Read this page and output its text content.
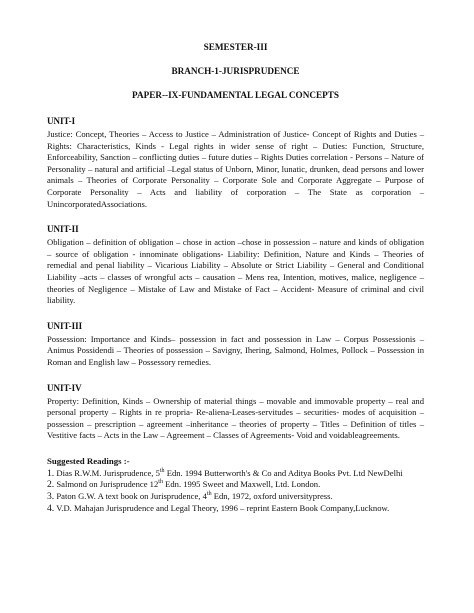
SEMESTER-III

BRANCH-1-JURISPRUDENCE

PAPER--IX-FUNDAMENTAL LEGAL CONCEPTS

UNIT-I

Justice: Concept, Theories – Access to Justice – Administration of Justice- Concept of Rights and Duties – Rights: Characteristics, Kinds - Legal rights in wider sense of right – Duties: Function, Structure, Enforceability, Sanction – conflicting duties – future duties – Rights Duties correlation - Persons – Nature of Personality – natural and artificial –Legal status of Unborn, Minor, lunatic, drunken, dead persons and lower animals – Theories of Corporate Personality – Corporate Sole and Corporate Aggregate – Purpose of Corporate Personality – Acts and liability of corporation – The State as corporation – UnincorporatedAssociations.

UNIT-II

Obligation – definition of obligation – chose in action –chose in possession – nature and kinds of obligation – source of obligation - innominate obligations- Liability: Definition, Nature and Kinds – Theories of remedial and penal liability – Vicarious Liability – Absolute or Strict Liability – General and Conditional Liability –acts – classes of wrongful acts – causation – Mens rea, Intention, motives, malice, negligence – theories of Negligence – Mistake of Law and Mistake of Fact – Accident- Measure of criminal and civil liability.

UNIT-III

Possession: Importance and Kinds– possession in fact and possession in Law – Corpus Possessionis – Animus Possidendi – Theories of possession – Savigny, Ihering, Salmond, Holmes, Pollock – Possession in Roman and English law – Possessory remedies.

UNIT-IV

Property: Definition, Kinds – Ownership of material things – movable and immovable property – real and personal property – Rights in re propria- Re-aliena-Leases-servitudes – securities- modes of acquisition – possession – prescription – agreement –inheritance – theories of property – Titles – Definition of titles – Vestitive facts – Acts in the Law – Agreement – Classes of Agreements- Void and voidableagreements.

Suggested Readings :-

1. Dias R.W.M. Jurisprudence, 5th Edn. 1994 Butterworth's & Co and Aditya Books Pvt. Ltd NewDelhi

2. Salmond on Jurisprudence 12th Edn. 1995 Sweet and Maxwell, Ltd. London.

3. Paton G.W. A text book on Jurisprudence, 4th Edn, 1972, oxford universitypress.

4. V.D. Mahajan Jurisprudence and Legal Theory, 1996 – reprint Eastern Book Company,Lucknow.
